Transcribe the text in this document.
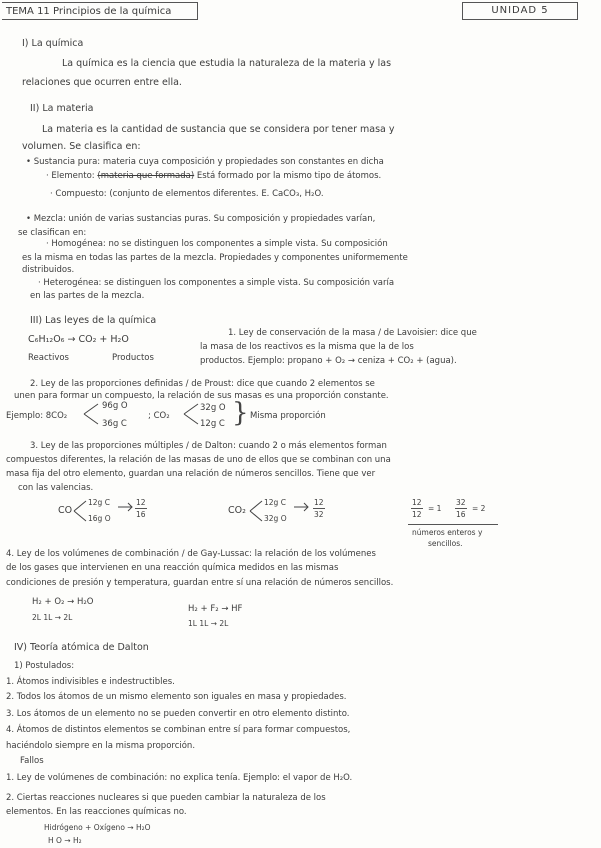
TEMA 11 Principios de la química	UNIDAD 5
I) La química
La química es la ciencia que estudia la naturaleza de la materia y las
relaciones que ocurren entre ella.
II) La materia
La materia es la cantidad de sustancia que se considera por tener masa y
volumen. Se clasifica en:
• Sustancia pura: materia cuya composición y propiedades son constantes en dicha
· Elemento: (materia que formada) Está formado por la mismo tipo de átomos.
· Compuesto: (conjunto de elementos diferentes. E. CaCO₃, H₂O.
• Mezcla: unión de varias sustancias puras. Su composición y propiedades varían,
se clasifican en:
· Homogénea: no se distinguen los componentes a simple vista. Su composición
es la misma en todas las partes de la mezcla. Propiedades y componentes uniformemente
distribuidos.
· Heterogénea: se distinguen los componentes a simple vista. Su composición varía
en las partes de la mezcla.
III) Las leyes de la química
C₆H₁₂O₆ → CO₂ + H₂O
Reactivos	Productos
1. Ley de conservación de la masa / de Lavoisier: dice que
la masa de los reactivos es la misma que la de los
productos. Ejemplo: propano + O₂ → ceniza + CO₂ + (agua).
2. Ley de las proporciones definidas / de Proust: dice que cuando 2 elementos se
unen para formar un compuesto, la relación de sus masas es una proporción constante.
Ejemplo: 8CO₂
96g O
36g C
; CO₂
32g O
12g C } Misma proporción
3. Ley de las proporciones múltiples / de Dalton: cuando 2 o más elementos forman
compuestos diferentes, la relación de las masas de uno de ellos que se combinan con una
masa fija del otro elemento, guardan una relación de números sencillos. Tiene que ver
con las valencias.
CO
12g C
16g O
12
16	CO₂
12g C
32g O
12
32
12
12
= 1
32
16
= 2
números enteros y
sencillos.
4. Ley de los volúmenes de combinación / de Gay-Lussac: la relación de los volúmenes
de los gases que intervienen en una reacción química medidos en las mismas
condiciones de presión y temperatura, guardan entre sí una relación de números sencillos.
H₂ + O₂ → H₂O
2L 1L → 2L
H₂ + F₂ → HF
1L 1L → 2L
IV) Teoría atómica de Dalton
1) Postulados:
1. Átomos indivisibles e indestructibles.
2. Todos los átomos de un mismo elemento son iguales en masa y propiedades.
3. Los átomos de un elemento no se pueden convertir en otro elemento distinto.
4. Átomos de distintos elementos se combinan entre sí para formar compuestos,
haciéndolo siempre en la misma proporción.
Fallos
1. Ley de volúmenes de combinación: no explica tenía. Ejemplo: el vapor de H₂O.
2. Ciertas reacciones nucleares si que pueden cambiar la naturaleza de los
elementos. En las reacciones químicas no.
Hidrógeno + Oxígeno → H₂O
H O → H₂
